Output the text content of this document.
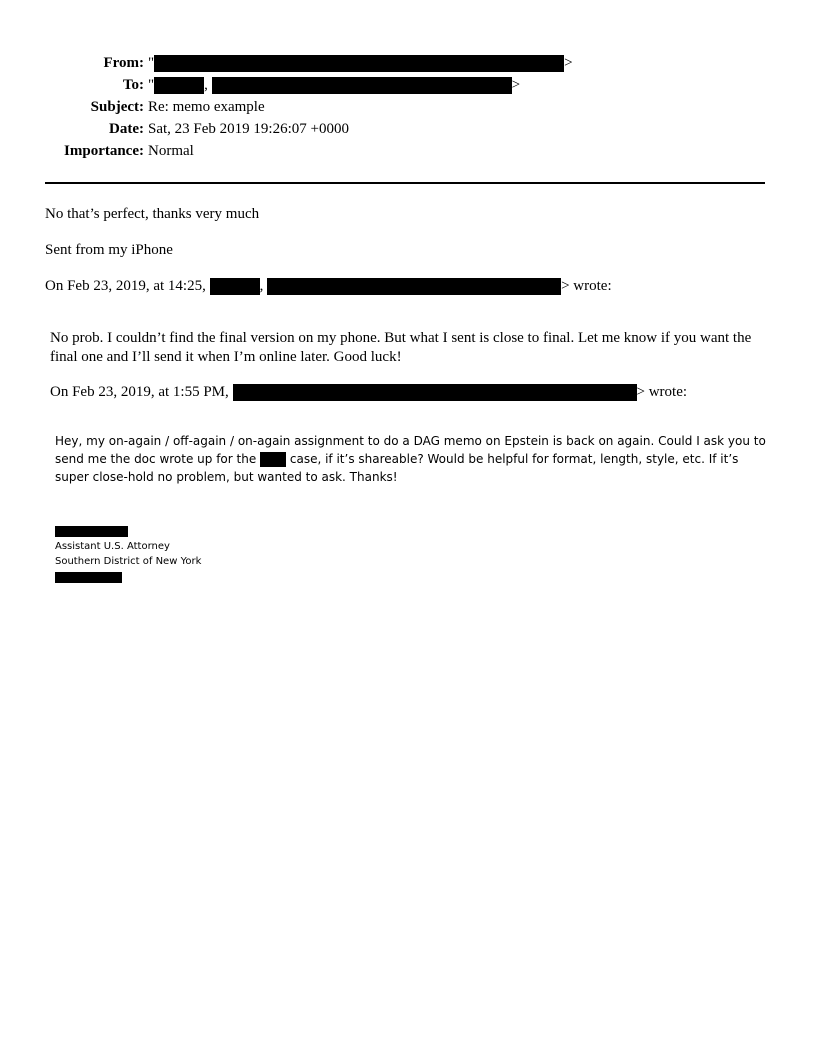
From: "	>
To: "	,	>
Subject: Re: memo example
Date: Sat, 23 Feb 2019 19:26:07 +0000
Importance: Normal
No that’s perfect, thanks very much
Sent from my iPhone
On Feb 23, 2019, at 14:25,	,	> wrote:
No prob. I couldn’t find the final version on my phone. But what I sent is close to final. Let me know if you want the final one and I’ll send it when I’m online later. Good luck!
On Feb 23, 2019, at 1:55 PM,	> wrote:
Hey, my on-again / off-again / on-again assignment to do a DAG memo on Epstein is back on again. Could I ask you to send me the doc wrote up for the	case, if it’s shareable? Would be helpful for format, length, style, etc. If it’s super close-hold no problem, but wanted to ask. Thanks!
Assistant U.S. Attorney
Southern District of New York
